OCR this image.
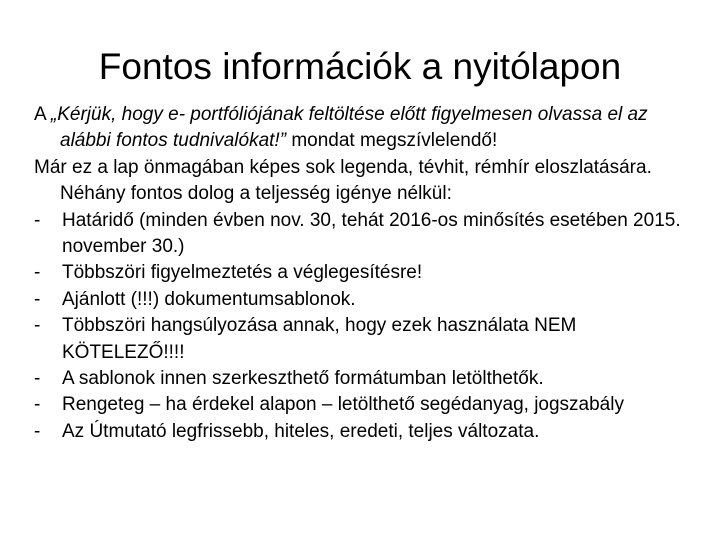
Fontos információk a nyitólapon

A „Kérjük, hogy e- portfóliójának feltöltése előtt figyelmesen olvassa el az alábbi fontos tudnivalókat!” mondat megszívlelendő!

Már ez a lap önmagában képes sok legenda, tévhit, rémhír eloszlatására. Néhány fontos dolog a teljesség igénye nélkül:

- Határidő (minden évben nov. 30, tehát 2016-os minősítés esetében 2015. november 30.)
- Többszöri figyelmeztetés a véglegesítésre!
- Ajánlott (!!!) dokumentumsablonok.
- Többszöri hangsúlyozása annak, hogy ezek használata NEM KÖTELEZŐ!!!!
- A sablonok innen szerkeszthető formátumban letölthetők.
- Rengeteg – ha érdekel alapon – letölthető segédanyag, jogszabály
- Az Útmutató legfrissebb, hiteles, eredeti, teljes változata.
